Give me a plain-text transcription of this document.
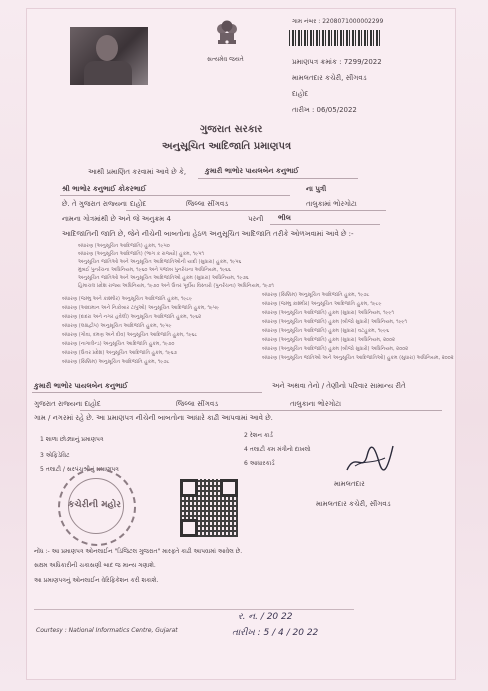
સત્યમેવ જયતે
ગામ નંબર : 2208071000002299
પ્રમાણપત્ર ક્રમાંક : 7299/2022
મામલતદાર કચેરી, સીંગવડ
દાહોદ
તારીખ : 06/05/2022
ગુજરાત સરકાર
અનુસૂચિત આદિજાતિ પ્રમાણપત્ર
આથી પ્રમાણિત કરવામાં આવે છે કે,	કુમારી ભાભોર પાયલબેન કનુભાઈ
શ્રી ભાભોર કનુભાઈ કોકરભાઈ	ના પુત્રી
છે. તે ગુજરાત રાજ્યના દાહોદ	જિલ્લા સીંગવડ	તાલુકામાં ભોરગોટા
નામના ગોત્રમાંથી છે અને જે અનુક્રમ 4	પરની ભીલ
આદિજાતિની જાતિ છે, જેને નીચેની બાબતોના હેઠળ અનુસૂચિત આદિજાતિ તરીકે ઓળખવામાં આવે છે :-
બંધારણ (અનુસૂચિત આદિજાતિ) હુકમ, ૧૯૫૦
બંધારણ (અનુસૂચિત આદિજાતિ) (ભાગ ક રાજ્યો) હુકમ, ૧૯૫૧
અનુસૂચિત જાતિઓ અને અનુસૂચિત આદિજાતિઓની યાદી (સુધારા) હુકમ, ૧૯૫૬
મુંબઈ પુનર્રચના અધિનિયમ, ૧૯૬૦ અને પંજાબ પુનર્રચના અધિનિયમ, ૧૯૬૬
અનુસૂચિત જાતિઓ અને અનુસૂચિત આદિજાતિઓ હુકમ (સુધારા) અધિનિયમ, ૧૯૭૬
હિમાચલ પ્રદેશ રાજ્ય અધિનિયમ, ૧૯૭૦ અને ઉત્તર પૂર્વીય વિસ્તારો (પુનર્રચના) અધિનિયમ, ૧૯૭૧
બંધારણ (જમ્મુ અને કાશ્મીર) અનુસૂચિત આદિજાતિ હુકમ, ૧૯૮૯
બંધારણ (આંદામાન અને નિકોબાર ટાપુઓ) અનુસૂચિત આદિજાતિ હુકમ, ૧૯૫૯
બંધારણ (દાદરા અને નગર હવેલી) અનુસૂચિત આદિજાતિ હુકમ, ૧૯૬૨
બંધારણ (લક્ષદ્વીપ) અનુસૂચિત આદિજાતિ હુકમ, ૧૯૫૯
બંધારણ (ગોવા, દમણ અને દીવ) અનુસૂચિત આદિજાતિ હુકમ, ૧૯૬૮
બંધારણ (નાગાલેન્ડ) અનુસૂચિત આદિજાતિ હુકમ, ૧૯૭૦
બંધારણ (ઉત્તર પ્રદેશ) અનુસૂચિત આદિજાતિ હુકમ, ૧૯૬૭
બંધારણ (સિક્કિમ) અનુસૂચિત આદિજાતિ હુકમ, ૧૯૭૮
બંધારણ (સિક્કિમ) અનુસૂચિત આદિજાતિ હુકમ, ૧૯૭૮
બંધારણ (જમ્મુ કાશ્મીર) અનુસૂચિત આદિજાતિ હુકમ, ૧૯૮૯
બંધારણ (અનુસૂચિત આદિજાતિ) હુકમ (સુધારા) અધિનિયમ, ૧૯૯૧
બંધારણ (અનુસૂચિત આદિજાતિ) હુકમ (બીજો સુધારો) અધિનિયમ, ૧૯૯૧
બંધારણ (અનુસૂચિત આદિજાતિ) હુકમ (સુધારા) વટહુકમ, ૧૯૯૬
બંધારણ (અનુસૂચિત આદિજાતિ) હુકમ (સુધારા) અધિનિયમ, ૨૦૦૨
બંધારણ (અનુસૂચિત આદિજાતિ) હુકમ (બીજો સુધારો) અધિનિયમ, ૨૦૦૨
બંધારણ (અનુસૂચિત જાતિઓ અને અનુસૂચિત આદિજાતિઓ) હુકમ (સુધારા) અધિનિયમ, ૨૦૦૨
કુમારી ભાભોર પાયલબેન કનુભાઈ	અને અથવા તેનો / તેણીનો પરિવાર સામાન્ય રીતે
ગુજરાત રાજ્યના દાહોદ	જિલ્લા સીંગવડ	તાલુકાના ભોરગોટા
ગામ / નગરમાં રહે છે. આ પ્રમાણપત્ર નીચેની બાબતોના આધારે કાઢી આપવામાં આવે છે.
1 શાળા છોડ્યાનું પ્રમાણપત્ર
2 રેશન કાર્ડ
3 એફિડેવિટ
4 તલાટી કમ મંત્રીનો દાખલો
5 તલાટી / સરપંચશ્રીનું પ્રમાણપત્ર
6 આધારકાર્ડ
કચેરીની મહોર
મામલતદાર
મામલતદાર કચેરી, સીંગવડ
નોંધ :- આ પ્રમાણપત્ર ઓનલાઈન "ડિજિટલ ગુજરાત" મારફતે કાઢી આપવામાં આવેલ છે.
સક્ષમ અધિકારીની ચકાસણી બાદ જ માન્ય ગણાશે.
આ પ્રમાણપત્રનું ઓનલાઈન વેરિફિકેશન કરી શકાશે.
Courtesy : National Informatics Centre, Gujarat
ર. ન. / 20 22
તારીખ : 5 / 4 / 20 22
